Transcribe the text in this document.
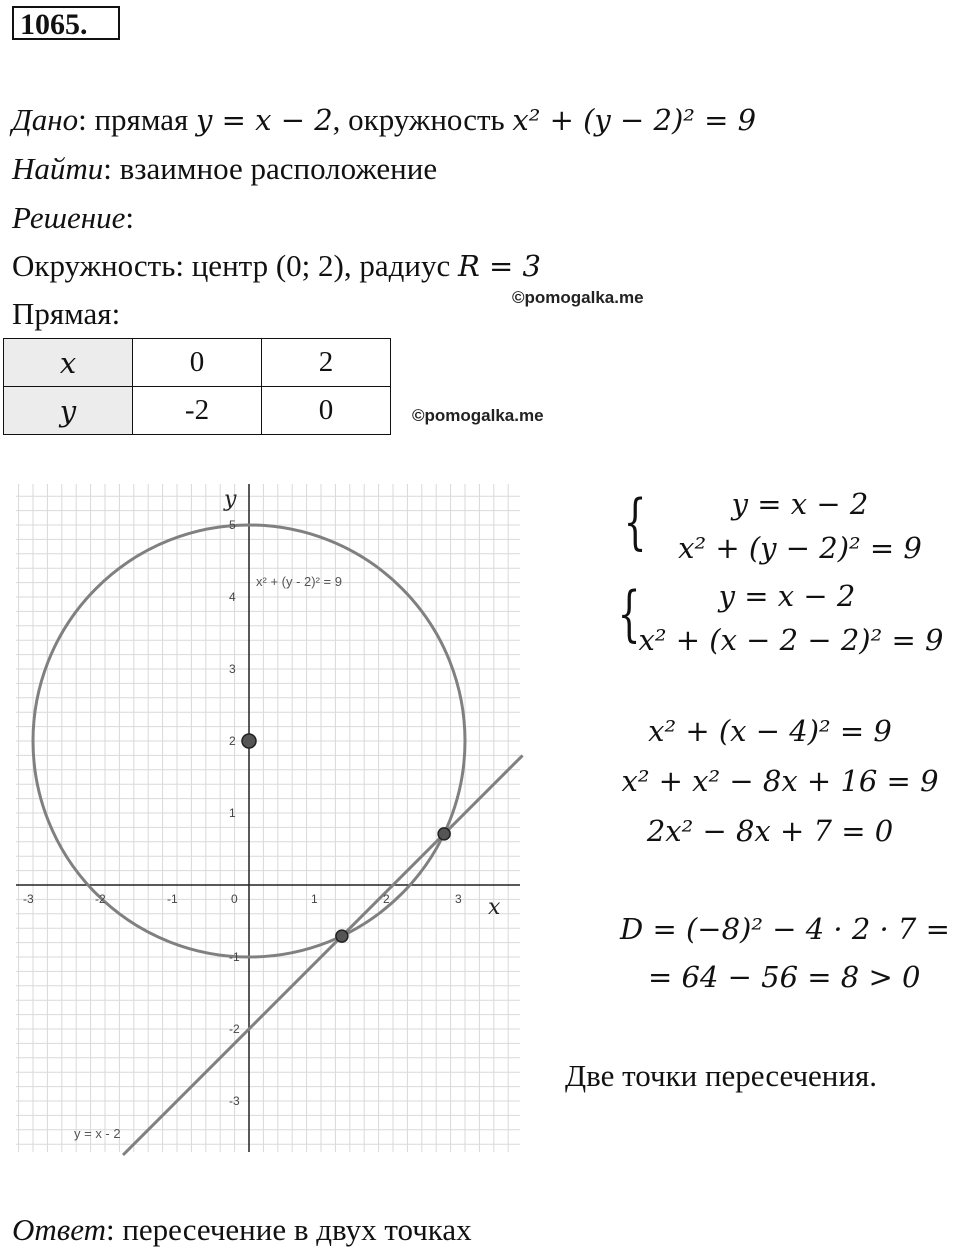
1065.
Дано: прямая y = x − 2, окружность x² + (y − 2)² = 9
Найти: взаимное расположение
Решение:
Окружность: центр (0; 2), радиус R = 3
©pomogalka.me
Прямая:
x	0	2
y	-2	0	©pomogalka.me
-3	-2	-1	0	1	2	3
5
4
3
2
1
-1
-2
-3
x² + (y - 2)² = 9
y = x - 2
y
x
{	y = x − 2
x² + (y − 2)² = 9
{	y = x − 2
x² + (x − 2 − 2)² = 9
x² + (x − 4)² = 9
x² + x² − 8x + 16 = 9
2x² − 8x + 7 = 0
D = (−8)² − 4 · 2 · 7 =
= 64 − 56 = 8 > 0
Две точки пересечения.
Ответ: пересечение в двух точках
